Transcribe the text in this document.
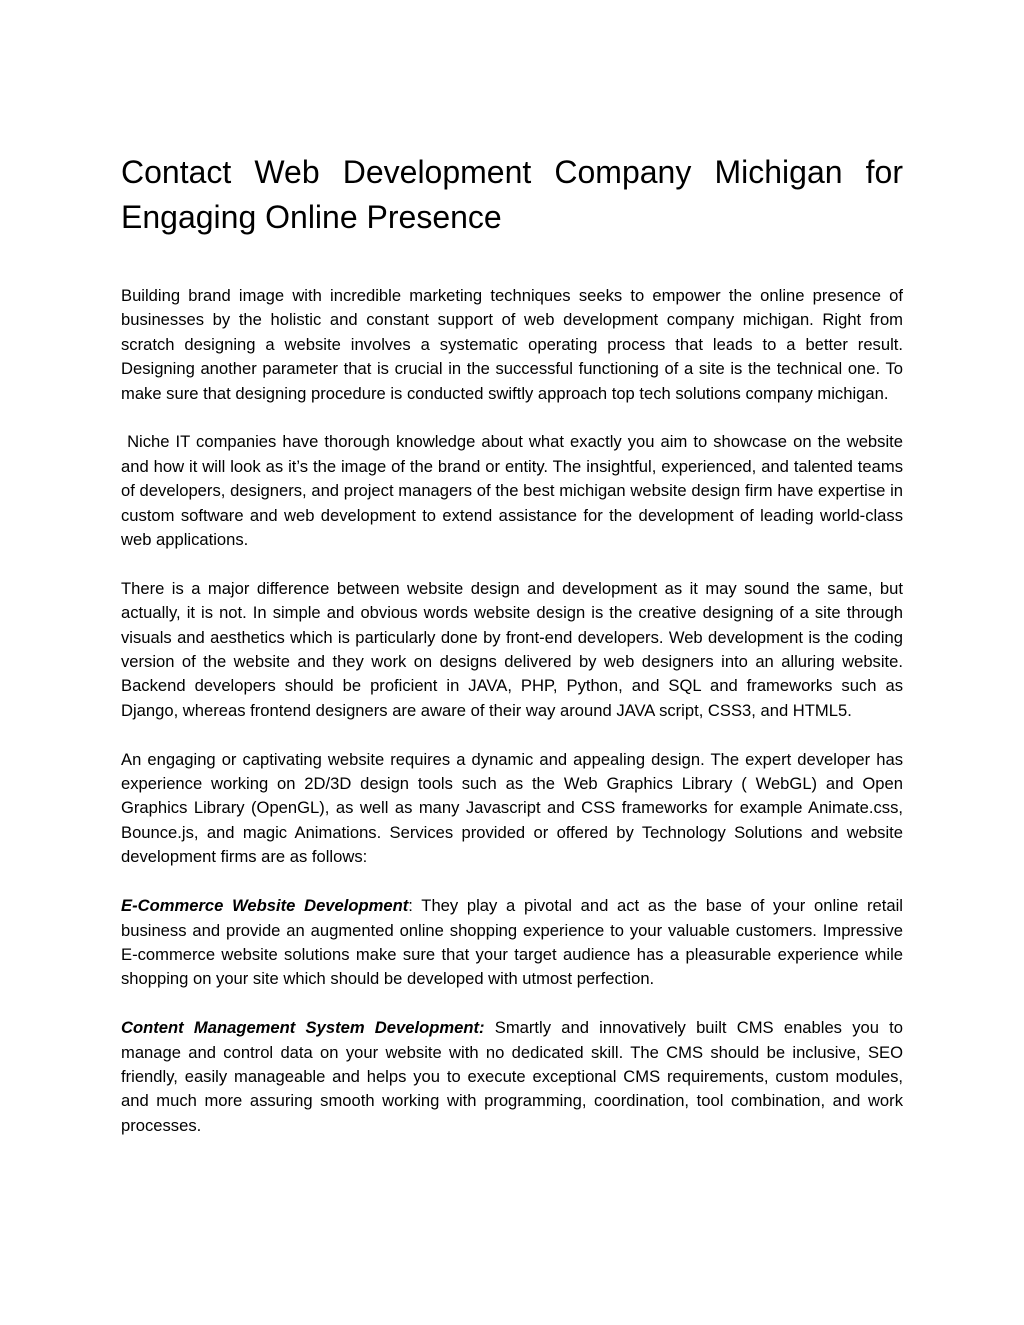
Contact Web Development Company Michigan for
Engaging Online Presence

Building brand image with incredible marketing techniques seeks to empower the online presence of businesses by the holistic and constant support of web development company michigan. Right from scratch designing a website involves a systematic operating process that leads to a better result. Designing another parameter that is crucial in the successful functioning of a site is the technical one. To make sure that designing procedure is conducted swiftly approach top tech solutions company michigan.

Niche IT companies have thorough knowledge about what exactly you aim to showcase on the website and how it will look as it’s the image of the brand or entity. The insightful, experienced, and talented teams of developers, designers, and project managers of the best michigan website design firm have expertise in custom software and web development to extend assistance for the development of leading world-class web applications.

There is a major difference between website design and development as it may sound the same, but actually, it is not. In simple and obvious words website design is the creative designing of a site through visuals and aesthetics which is particularly done by front-end developers. Web development is the coding version of the website and they work on designs delivered by web designers into an alluring website. Backend developers should be proficient in JAVA, PHP, Python, and SQL and frameworks such as Django, whereas frontend designers are aware of their way around JAVA script, CSS3, and HTML5.

An engaging or captivating website requires a dynamic and appealing design. The expert developer has experience working on 2D/3D design tools such as the Web Graphics Library ( WebGL) and Open Graphics Library (OpenGL), as well as many Javascript and CSS frameworks for example Animate.css, Bounce.js, and magic Animations. Services provided or offered by Technology Solutions and website development firms are as follows:

E-Commerce Website Development: They play a pivotal and act as the base of your online retail business and provide an augmented online shopping experience to your valuable customers. Impressive E-commerce website solutions make sure that your target audience has a pleasurable experience while shopping on your site which should be developed with utmost perfection.

Content Management System Development: Smartly and innovatively built CMS enables you to manage and control data on your website with no dedicated skill. The CMS should be inclusive, SEO friendly, easily manageable and helps you to execute exceptional CMS requirements, custom modules, and much more assuring smooth working with programming, coordination, tool combination, and work processes.
